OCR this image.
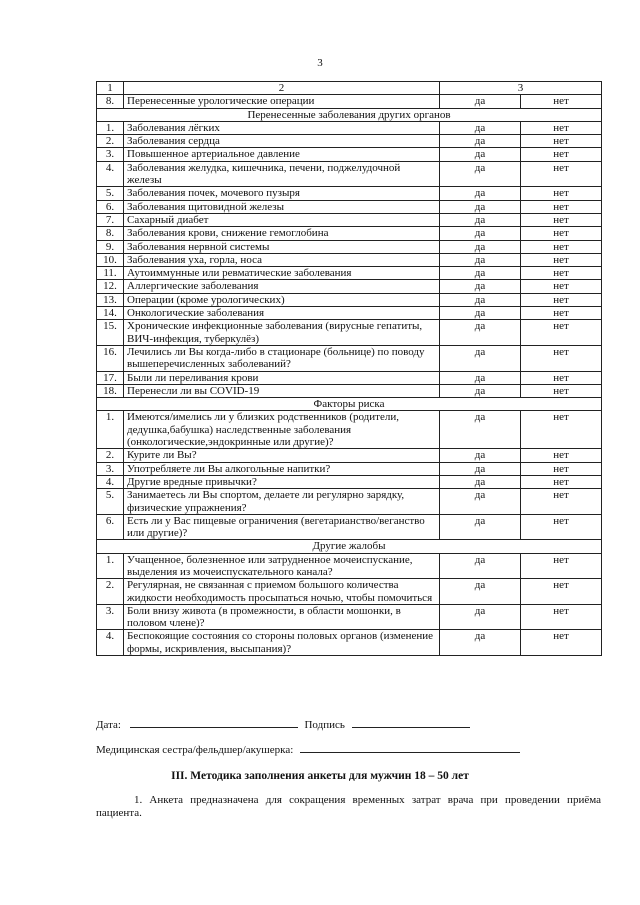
3
1	2	3	
8.	Перенесенные урологические операции	да	нет
Перенесенные заболевания других органов			
1.	Заболевания лёгких	да	нет
2.	Заболевания сердца	да	нет
3.	Повышенное артериальное давление	да	нет
4.	Заболевания желудка, кишечника, печени, поджелудочной железы	да	нет
5.	Заболевания почек, мочевого пузыря	да	нет
6.	Заболевания щитовидной железы	да	нет
7.	Сахарный диабет	да	нет
8.	Заболевания крови, снижение гемоглобина	да	нет
9.	Заболевания нервной системы	да	нет
10.	Заболевания уха, горла, носа	да	нет
11.	Аутоиммунные или ревматические заболевания	да	нет
12.	Аллергические заболевания	да	нет
13.	Операции (кроме урологических)	да	нет
14.	Онкологические заболевания	да	нет
15.	Хронические инфекционные заболевания (вирусные гепатиты, ВИЧ-инфекция, туберкулёз)	да	нет
16.	Лечились ли Вы когда-либо в стационаре (больнице) по поводу вышеперечисленных заболеваний?	да	нет
17.	Были ли переливания крови	да	нет
18.	Перенесли ли вы COVID-19	да	нет
Факторы риска			
1.	Имеются/имелись ли у близких родственников (родители, дедушка,бабушка) наследственные заболевания (онкологические,эндокринные или другие)?	да	нет
2.	Курите ли Вы?	да	нет
3.	Употребляете ли Вы алкогольные напитки?	да	нет
4.	Другие вредные привычки?	да	нет
5.	Занимаетесь ли Вы спортом, делаете ли регулярно зарядку, физические упражнения?	да	нет
6.	Есть ли у Вас пищевые ограничения (вегетарианство/веганство или другие)?	да	нет
Другие жалобы			
1.	Учащенное, болезненное или затрудненное мочеиспускание, выделения из мочеиспускательного канала?	да	нет
2.	Регулярная, не связанная с приемом большого количества жидкости необходимость просыпаться ночью, чтобы помочиться	да	нет
3.	Боли внизу живота (в промежности, в области мошонки, в половом члене)?	да	нет
4.	Беспокоящие состояния со стороны половых органов (изменение формы, искривления, высыпания)?	да	нет
Дата:	Подпись
Медицинская сестра/фельдшер/акушерка:
III. Методика заполнения анкеты для мужчин 18 – 50 лет
1. Анкета предназначена для сокращения временных затрат врача при проведении приёма пациента.
